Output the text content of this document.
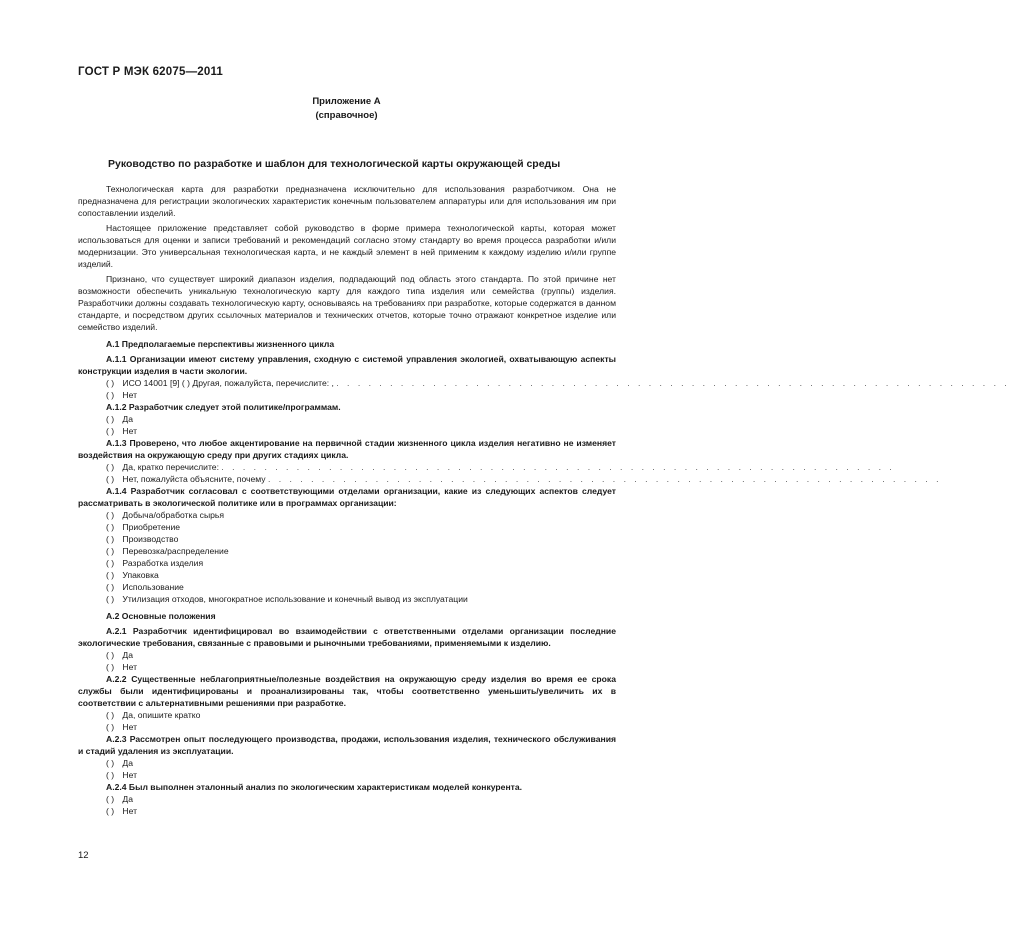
ГОСТ Р МЭК 62075—2011
Приложение А
(справочное)
Руководство по разработке и шаблон для технологической карты окружающей среды

Технологическая карта для разработки предназначена исключительно для использования разработчиком. Она не предназначена для регистрации экологических характеристик конечным пользователем аппаратуры или для использования им при сопоставлении изделий.

Настоящее приложение представляет собой руководство в форме примера технологической карты, которая может использоваться для оценки и записи требований и рекомендаций согласно этому стандарту во время процесса разработки и/или модернизации. Это универсальная технологическая карта, и не каждый элемент в ней применим к каждому изделию и/или группе изделий.

Признано, что существует широкий диапазон изделия, подпадающий под область этого стандарта. По этой причине нет возможности обеспечить уникальную технологическую карту для каждого типа изделия или семейства (группы) изделия. Разработчики должны создавать технологическую карту, основываясь на требованиях при разработке, которые содержатся в данном стандарте, и посредством других ссылочных материалов и технических отчетов, которые точно отражают конкретное изделие или семейство изделий.

А.1 Предполагаемые перспективы жизненного цикла

А.1.1 Организации имеют систему управления, сходную с системой управления экологией, охватывающую аспекты конструкции изделия в части экологии.

( ) ИСО 14001 [9] ( ) Другая, пожалуйста, перечислите: , . . . . . . . . . . . . . . . . . . . . . . . . . . . . . . . . . . . . . . . . . . . . . . . . . . . . . . . . . . . . . . .

( ) Нет

А.1.2 Разработчик следует этой политике/программам.

( ) Да

( ) Нет

А.1.3 Проверено, что любое акцентирование на первичной стадии жизненного цикла изделия негативно не изменяет воздействия на окружающую среду при других стадиях цикла.

( ) Да, кратко перечислите: . . . . . . . . . . . . . . . . . . . . . . . . . . . . . . . . . . . . . . . . . . . . . . . . . . . . . . . . . . . . . . .

( ) Нет, пожалуйста объясните, почему . . . . . . . . . . . . . . . . . . . . . . . . . . . . . . . . . . . . . . . . . . . . . . . . . . . . . . . . . . . . . . .

А.1.4 Разработчик согласовал с соответствующими отделами организации, какие из следующих аспектов следует рассматривать в экологической политике или в программах организации:

( ) Добыча/обработка сырья

( ) Приобретение

( ) Производство

( ) Перевозка/распределение

( ) Разработка изделия

( ) Упаковка

( ) Использование

( ) Утилизация отходов, многократное использование и конечный вывод из эксплуатации

А.2 Основные положения

А.2.1 Разработчик идентифицировал во взаимодействии с ответственными отделами организации последние экологические требования, связанные с правовыми и рыночными требованиями, применяемыми к изделию.

( ) Да

( ) Нет

А.2.2 Существенные неблагоприятные/полезные воздействия на окружающую среду изделия во время ее срока службы были идентифицированы и проанализированы так, чтобы соответственно уменьшить/увеличить их в соответствии с альтернативными решениями при разработке.

( ) Да, опишите кратко

( ) Нет

А.2.3 Рассмотрен опыт последующего производства, продажи, использования изделия, технического обслуживания и стадий удаления из эксплуатации.

( ) Да

( ) Нет

А.2.4 Был выполнен эталонный анализ по экологическим характеристикам моделей конкурента.

( ) Да

( ) Нет

12
